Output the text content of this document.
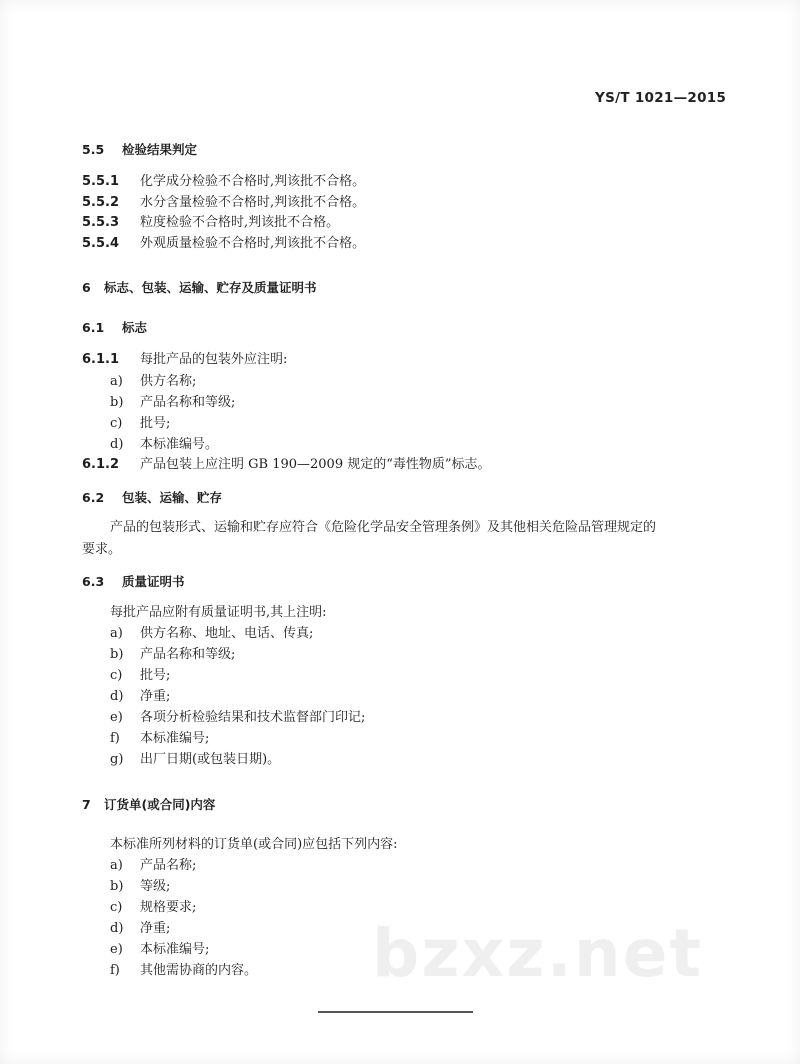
bzxz.net
YS/T 1021—2015
5.5 检验结果判定
5.5.1 化学成分检验不合格时,判该批不合格。
5.5.2 水分含量检验不合格时,判该批不合格。
5.5.3 粒度检验不合格时,判该批不合格。
5.5.4 外观质量检验不合格时,判该批不合格。
6 标志、包装、运输、贮存及质量证明书
6.1 标志
6.1.1 每批产品的包装外应注明:
a) 供方名称;
b) 产品名称和等级;
c) 批号;
d) 本标准编号。
6.1.2 产品包装上应注明 GB 190—2009 规定的“毒性物质”标志。
6.2 包装、运输、贮存
产品的包装形式、运输和贮存应符合《危险化学品安全管理条例》及其他相关危险品管理规定的
要求。
6.3 质量证明书
每批产品应附有质量证明书,其上注明:
a) 供方名称、地址、电话、传真;
b) 产品名称和等级;
c) 批号;
d) 净重;
e) 各项分析检验结果和技术监督部门印记;
f) 本标准编号;
g) 出厂日期(或包装日期)。
7 订货单(或合同)内容
本标准所列材料的订货单(或合同)应包括下列内容:
a) 产品名称;
b) 等级;
c) 规格要求;
d) 净重;
e) 本标准编号;
f) 其他需协商的内容。
